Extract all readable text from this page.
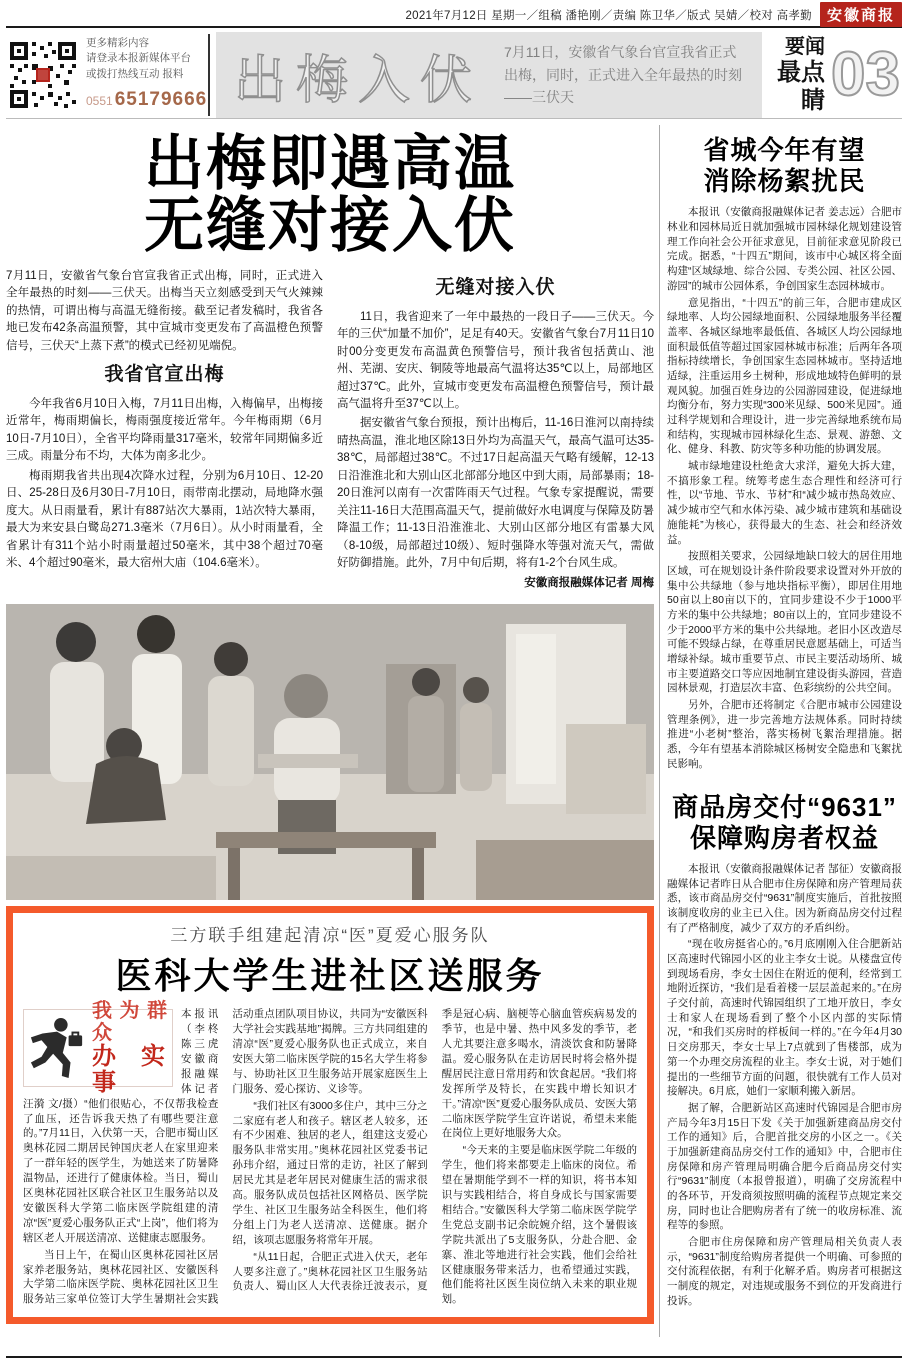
2021年7月12日 星期一／组稿 潘艳刚／责编 陈卫华／版式 吴婧／校对 高孝勤	安徽商报
更多精彩内容
请登录本报新媒体平台
或拨打热线互动 报料
0551 65179666 出梅入伏 7月11日，安徽省气象台官宣我省正式出梅，同时，正式进入全年最热的时刻——三伏天
要闻
最点睛 03
出梅即遇高温
无缝对接入伏

7月11日，安徽省气象台官宣我省正式出梅，同时，正式进入全年最热的时刻——三伏天。出梅当天立刻感受到天气火辣辣的热情，可谓出梅与高温无缝衔接。截至记者发稿时，我省各地已发布42条高温预警，其中宣城市变更发布了高温橙色预警信号，三伏天“上蒸下煮”的模式已经初见端倪。

我省官宣出梅

今年我省6月10日入梅，7月11日出梅，入梅偏早，出梅接近常年，梅雨期偏长，梅雨强度接近常年。今年梅雨期（6月10日-7月10日），全省平均降雨量317毫米，较常年同期偏多近三成。雨量分布不均，大体为南多北少。

梅雨期我省共出现4次降水过程，分别为6月10日、12-20日、25-28日及6月30日-7月10日，雨带南北摆动，局地降水强度大。从日雨量看，累计有887站次大暴雨，1站次特大暴雨，最大为来安县白鹭岛271.3毫米（7月6日）。从小时雨量看，全省累计有311个站小时雨量超过50毫米，其中38个超过70毫米、4个超过90毫米，最大宿州大庙（104.6毫米）。

无缝对接入伏

11日，我省迎来了一年中最热的一段日子——三伏天。今年的三伏“加量不加价”，足足有40天。安徽省气象台7月11日10时00分变更发布高温黄色预警信号，预计我省包括黄山、池州、芜湖、安庆、铜陵等地最高气温将达35℃以上，局部地区超过37℃。此外，宣城市变更发布高温橙色预警信号，预计最高气温将升至37℃以上。

据安徽省气象台预报，预计出梅后，11-16日淮河以南持续晴热高温，淮北地区除13日外均为高温天气，最高气温可达35-38℃，局部超过38℃。不过17日起高温天气略有缓解，12-13日沿淮淮北和大别山区北部部分地区中到大雨，局部暴雨；18-20日淮河以南有一次雷阵雨天气过程。气象专家提醒说，需要关注11-16日大范围高温天气，提前做好水电调度与保障及防暑降温工作；11-13日沿淮淮北、大别山区部分地区有雷暴大风（8-10级，局部超过10级）、短时强降水等强对流天气，需做好防御措施。此外，7月中旬后期，将有1-2个台风生成。

安徽商报融媒体记者 周梅

三方联手组建起清凉“医”夏爱心服务队
医科大学生进社区送服务
我为群众
办实事

本报讯（李柊 陈三虎 安徽商报融媒体记者 汪漪 文/摄）“他们很贴心，不仅帮我检查了血压，还告诉我天热了有哪些要注意的。”7月11日，入伏第一天，合肥市蜀山区奥林花园二期居民钟国庆老人在家里迎来了一群年轻的医学生，为她送来了防暑降温物品，还进行了健康体检。当日，蜀山区奥林花园社区联合社区卫生服务站以及安徽医科大学第二临床医学院组建的清凉“医”夏爱心服务队正式“上岗”，他们将为辖区老人开展送清凉、送健康志愿服务。

当日上午，在蜀山区奥林花园社区居家养老服务站，奥林花园社区、安徽医科大学第二临床医学院、奥林花园社区卫生服务站三家单位签订大学生暑期社会实践活动重点团队项目协议，共同为“安徽医科大学社会实践基地”揭牌。三方共同组建的清凉“医”夏爱心服务队也正式成立，来自安医大第二临床医学院的15名大学生将参与、协助社区卫生服务站开展家庭医生上门服务、爱心探访、义诊等。

“我们社区有3000多住户，其中三分之二家庭有老人和孩子。辖区老人较多，还有不少困难、独居的老人，组建这支爱心服务队非常实用。”奥林花园社区党委书记孙玮介绍，通过日常的走访，社区了解到居民尤其是老年居民对健康生活的需求很高。服务队成员包括社区网格员、医学院学生、社区卫生服务站全科医生，他们将分组上门为老人送清凉、送健康。据介绍，该项志愿服务将常年开展。

“从11日起，合肥正式进入伏天，老年人要多注意了。”奥林花园社区卫生服务站负责人、蜀山区人大代表徐迁波表示，夏季是冠心病、脑梗等心脑血管疾病易发的季节，也是中暑、热中风多发的季节，老人尤其要注意多喝水，清淡饮食和防暑降温。爱心服务队在走访居民时将会格外提醒居民注意日常用药和饮食起居。“我们将发挥所学及特长，在实践中增长知识才干。”清凉“医”夏爱心服务队成员、安医大第二临床医学院学生宣许诺说，希望未来能在岗位上更好地服务大众。

“今天来的主要是临床医学院二年级的学生，他们将来都要走上临床的岗位。希望在暑期能学到不一样的知识，将书本知识与实践相结合，将自身成长与国家需要相结合。”安徽医科大学第二临床医学院学生党总支副书记余皖婉介绍，这个暑假该学院共派出了5支服务队，分赴合肥、金寨、淮北等地进行社会实践，他们会给社区健康服务带来活力，也希望通过实践，他们能将社区医生岗位纳入未来的职业规划。

省城今年有望
消除杨絮扰民

本报讯（安徽商报融媒体记者 姜志远）合肥市林业和园林局近日就加强城市园林绿化规划建设管理工作向社会公开征求意见，目前征求意见阶段已完成。据悉，“十四五”期间，该市中心城区将全面构建“区域绿地、综合公园、专类公园、社区公园、游园”的城市公园体系，争创国家生态园林城市。

意见指出，“十四五”的前三年，合肥市建成区绿地率、人均公园绿地面积、公园绿地服务半径覆盖率、各城区绿地率最低值、各城区人均公园绿地面积最低值等超过国家园林城市标准；后两年各项指标持续增长，争创国家生态园林城市。坚持适地适绿，注重运用乡土树种，形成地域特色鲜明的景观风貌。加强百姓身边的公园游园建设，促进绿地均衡分布，努力实现“300米见绿、500米见园”。通过科学规划和合理设计，进一步完善绿地系统布局和结构，实现城市园林绿化生态、景观、游憩、文化、健身、科教、防灾等多种功能的协调发展。

城市绿地建设杜绝贪大求洋，避免大拆大建，不搞形象工程。统筹考虑生态合理性和经济可行性，以“节地、节水、节材”和“减少城市热岛效应、减少城市空气和水体污染、减少城市建筑和基础设施能耗”为核心，获得最大的生态、社会和经济效益。

按照相关要求，公园绿地缺口较大的居住用地区域，可在规划设计条件阶段要求设置对外开放的集中公共绿地（参与地块指标平衡），即居住用地50亩以上80亩以下的，宜同步建设不少于1000平方米的集中公共绿地；80亩以上的，宜同步建设不少于2000平方米的集中公共绿地。老旧小区改造尽可能不毁绿占绿，在尊重居民意愿基础上，可适当增绿补绿。城市重要节点、市民主要活动场所、城市主要道路交口等应因地制宜建设街头游园，营造园林景观，打造层次丰富、色彩缤纷的公共空间。

另外，合肥市还将制定《合肥市城市公园建设管理条例》，进一步完善地方法规体系。同时持续推进“小老树”整治，落实杨树飞絮治理措施。据悉，今年有望基本消除城区杨树安全隐患和飞絮扰民影响。

商品房交付“9631”
保障购房者权益

本报讯（安徽商报融媒体记者 郜征）安徽商报融媒体记者昨日从合肥市住房保障和房产管理局获悉，该市商品房交付“9631”制度实施后，首批按照该制度收房的业主已入住。因为新商品房交付过程有了严格制度，减少了双方的矛盾纠纷。

“现在收房挺省心的。”6月底刚刚入住合肥新站区高速时代锦园小区的业主李女士说。从楼盘宣传到现场看房，李女士因住在附近的便利，经常到工地附近探访，“我们是看着楼一层层盖起来的。”在房子交付前，高速时代锦园组织了工地开放日，李女士和家人在现场看到了整个小区内部的实际情况，“和我们买房时的样板间一样的。”在今年4月30日交房那天，李女士早上7点就到了售楼部，成为第一个办理交房流程的业主。李女士说，对于她们提出的一些细节方面的问题，很快就有工作人员对接解决。6月底，她们一家顺利搬入新居。

据了解，合肥新站区高速时代锦园是合肥市房产局今年3月15日下发《关于加强新建商品房交付工作的通知》后，合肥首批交房的小区之一。《关于加强新建商品房交付工作的通知》中，合肥市住房保障和房产管理局明确合肥今后商品房交付实行“9631”制度（本报曾报道），明确了交房流程中的各环节，开发商须按照明确的流程节点规定来交房，同时也让合肥购房者有了统一的收房标准、流程等的参照。

合肥市住房保障和房产管理局相关负责人表示，“9631”制度给购房者提供一个明确、可参照的交付流程依据，有利于化解矛盾。购房者可根据这一制度的规定，对违规或服务不到位的开发商进行投诉。
